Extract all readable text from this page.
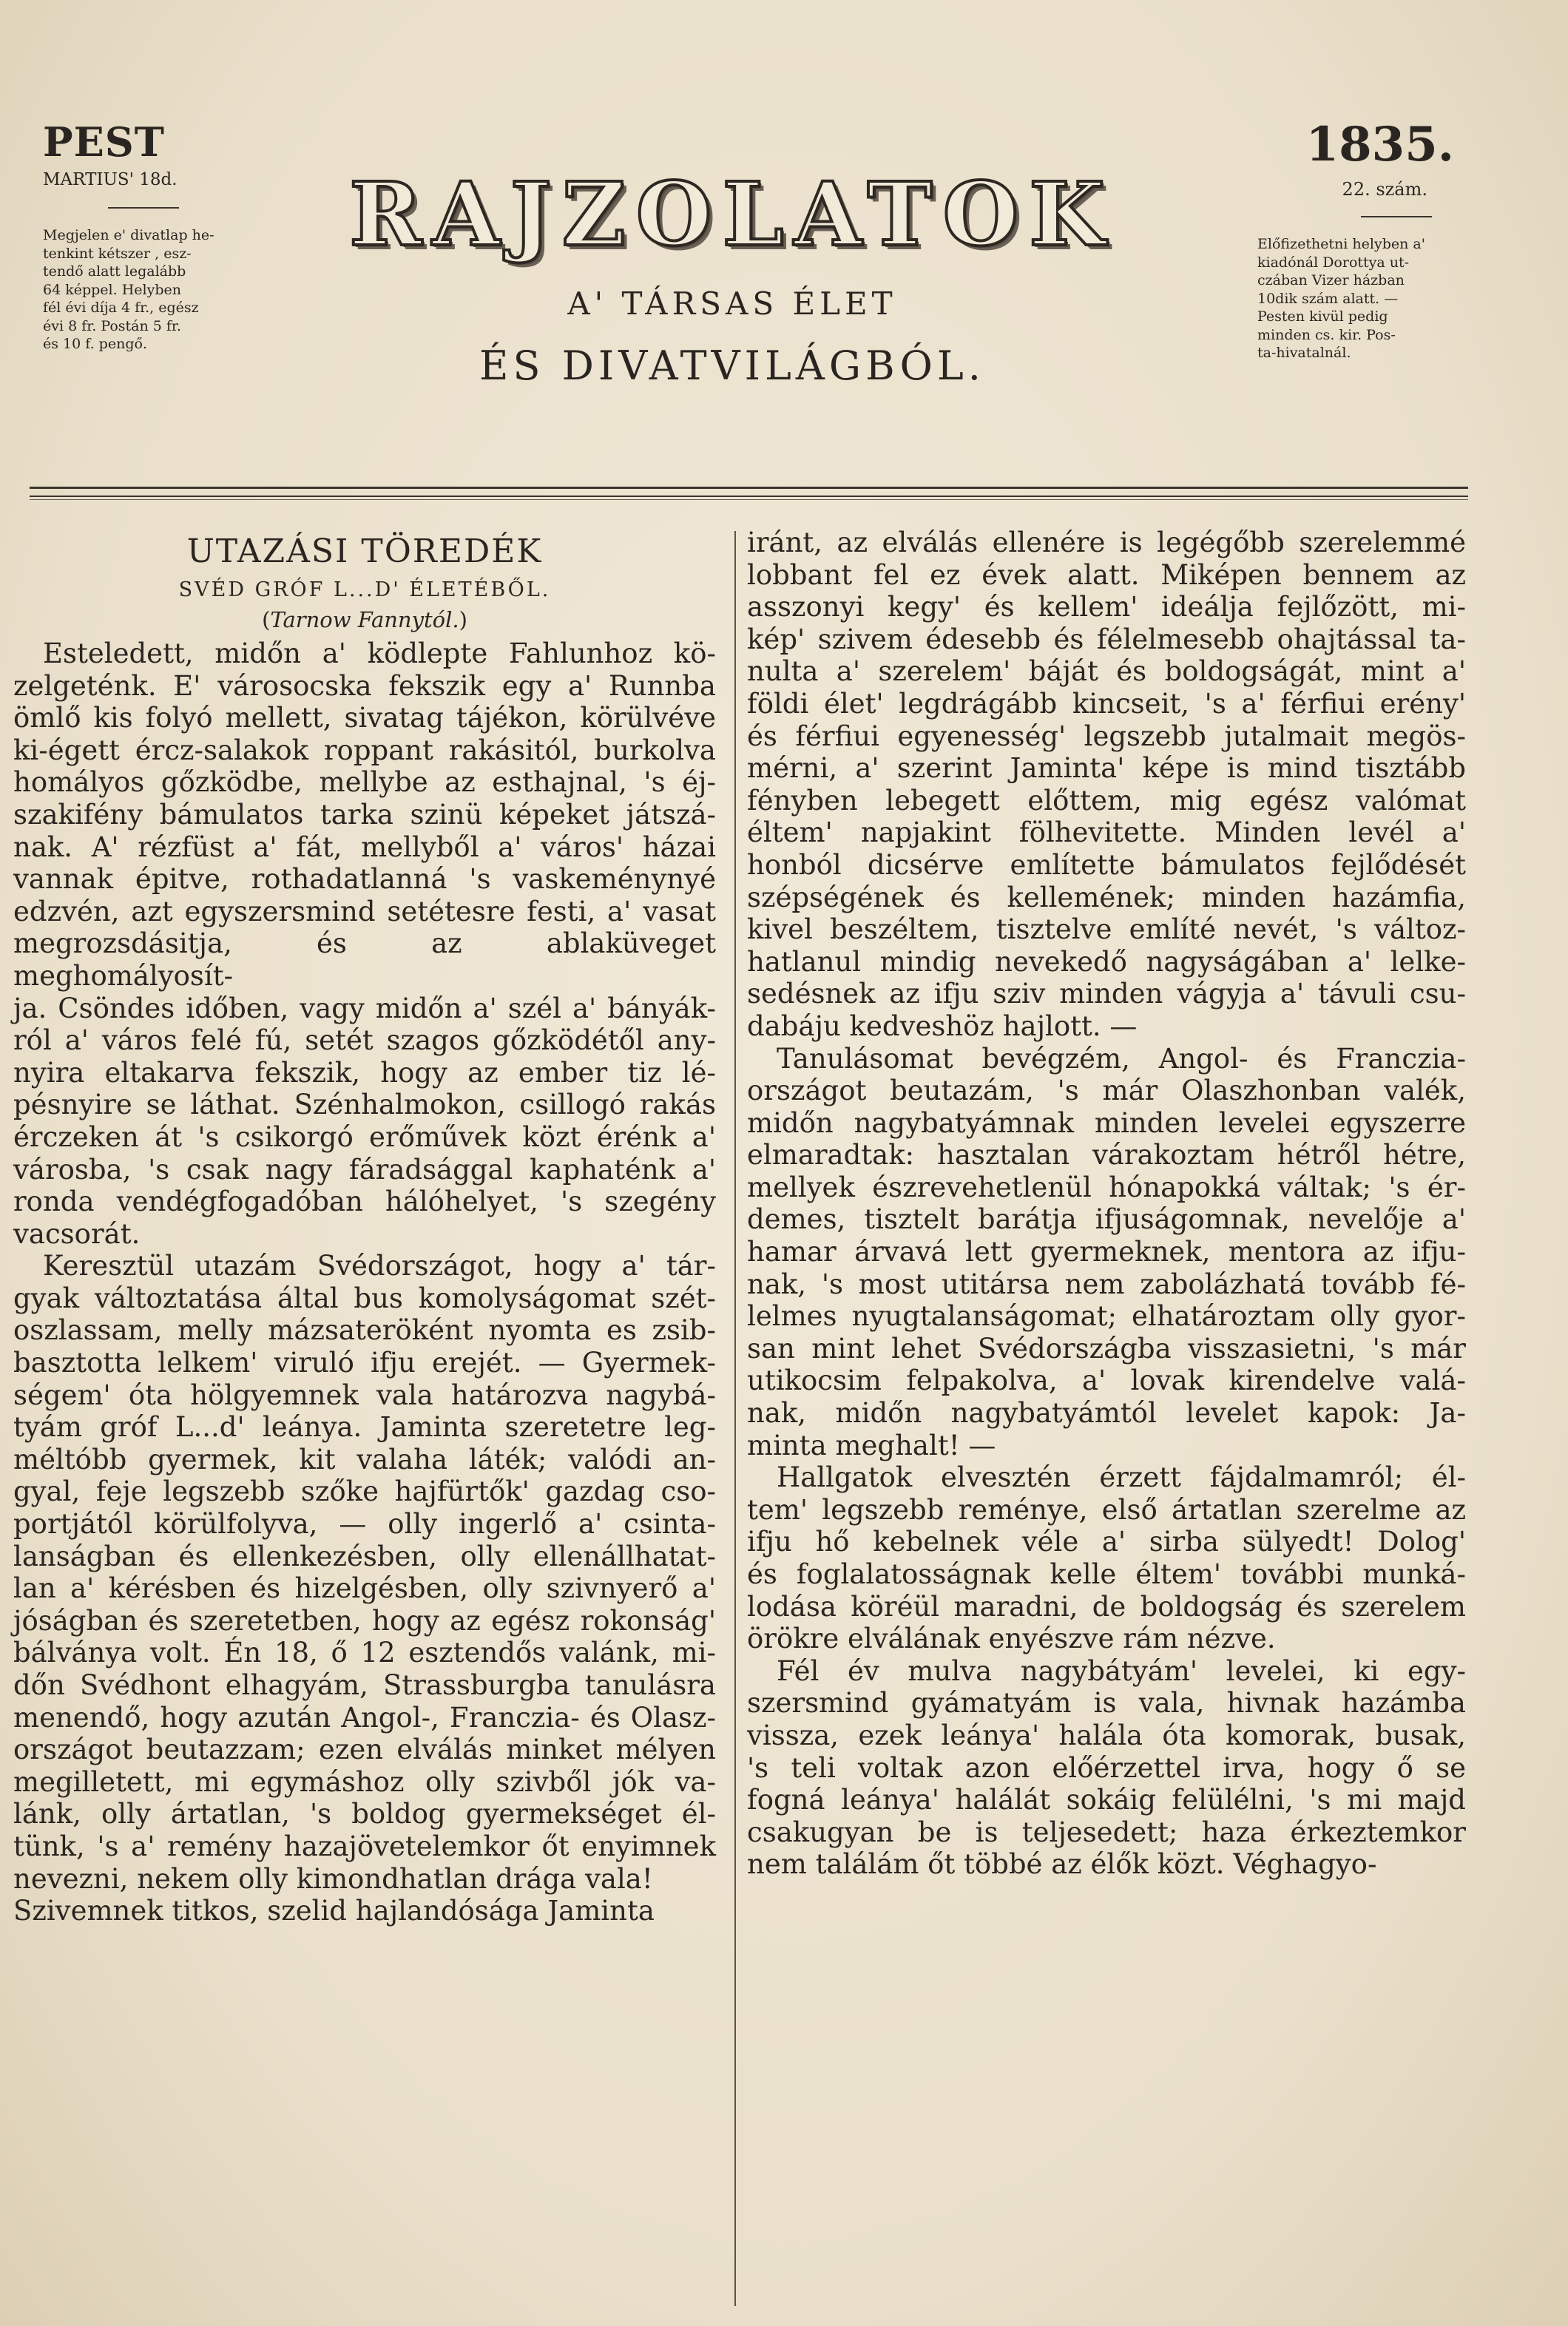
PEST
MARTIUS' 18d.

Megjelen e' divatlap he-

tenkint kétszer , esz-

tendő alatt legalább

64 képpel. Helyben

fél évi díja 4 fr., egész

évi 8 fr. Postán 5 fr.

és 10 f. pengő.

RAJZOLATOK
A' TÁRSAS ÉLET
ÉS DIVATVILÁGBÓL.
1835.
22. szám.

Előfizethetni helyben a'

kiadónál Dorottya ut-

czában Vizer házban

10dik szám alatt. —

Pesten kivül pedig

minden cs. kir. Pos-

ta-hivatalnál.

UTAZÁSI TÖREDÉK
SVÉD GRÓF L...D' ÉLETÉBŐL.
(Tarnow Fannytól.)

Esteledett, midőn a' ködlepte Fahlunhoz kö-

zelgeténk. E' városocska fekszik egy a' Runnba

ömlő kis folyó mellett, sivatag tájékon, körülvéve

ki-égett ércz-salakok roppant rakásitól, burkolva

homályos gőzködbe, mellybe az esthajnal, 's éj-

szakifény bámulatos tarka szinü képeket játszá-

nak. A' rézfüst a' fát, mellyből a' város' házai

vannak épitve, rothadatlanná 's vaskeménynyé

edzvén, azt egyszersmind setétesre festi, a' vasat

megrozsdásitja, és az ablaküveget meghomályosít-

ja. Csöndes időben, vagy midőn a' szél a' bányák-

ról a' város felé fú, setét szagos gőzködétől any-

nyira eltakarva fekszik, hogy az ember tiz lé-

pésnyire se láthat. Szénhalmokon, csillogó rakás

érczeken át 's csikorgó erőművek közt érénk a'

városba, 's csak nagy fáradsággal kaphaténk a'

ronda vendégfogadóban hálóhelyet, 's szegény

vacsorát.

Keresztül utazám Svédországot, hogy a' tár-

gyak változtatása által bus komolyságomat szét-

oszlassam, melly mázsateröként nyomta es zsib-

basztotta lelkem' viruló ifju erejét. — Gyermek-

ségem' óta hölgyemnek vala határozva nagybá-

tyám gróf L...d' leánya. Jaminta szeretetre leg-

méltóbb gyermek, kit valaha láték; valódi an-

gyal, feje legszebb szőke hajfürtők' gazdag cso-

portjától körülfolyva, — olly ingerlő a' csinta-

lanságban és ellenkezésben, olly ellenállhatat-

lan a' kérésben és hizelgésben, olly szivnyerő a'

jóságban és szeretetben, hogy az egész rokonság'

bálványa volt. Én 18, ő 12 esztendős valánk, mi-

dőn Svédhont elhagyám, Strassburgba tanulásra

menendő, hogy azután Angol-, Franczia- és Olasz-

országot beutazzam; ezen elválás minket mélyen

megilletett, mi egymáshoz olly szivből jók va-

lánk, olly ártatlan, 's boldog gyermekséget él-

tünk, 's a' remény hazajövetelemkor őt enyimnek

nevezni, nekem olly kimondhatlan drága vala!

Szivemnek titkos, szelid hajlandósága Jaminta

iránt, az elválás ellenére is legégőbb szerelemmé

lobbant fel ez évek alatt. Miképen bennem az

asszonyi kegy' és kellem' ideálja fejlőzött, mi-

kép' szivem édesebb és félelmesebb ohajtással ta-

nulta a' szerelem' báját és boldogságát, mint a'

földi élet' legdrágább kincseit, 's a' férfiui erény'

és férfiui egyenesség' legszebb jutalmait megös-

mérni, a' szerint Jaminta' képe is mind tisztább

fényben lebegett előttem, mig egész valómat

éltem' napjakint fölhevitette. Minden levél a'

honból dicsérve említette bámulatos fejlődését

szépségének és kellemének; minden hazámfia,

kivel beszéltem, tisztelve említé nevét, 's változ-

hatlanul mindig nevekedő nagyságában a' lelke-

sedésnek az ifju sziv minden vágyja a' távuli csu-

dabáju kedveshöz hajlott. —

Tanulásomat bevégzém, Angol- és Franczia-

országot beutazám, 's már Olaszhonban valék,

midőn nagybatyámnak minden levelei egyszerre

elmaradtak: hasztalan várakoztam hétről hétre,

mellyek észrevehetlenül hónapokká váltak; 's ér-

demes, tisztelt barátja ifjuságomnak, nevelője a'

hamar árvavá lett gyermeknek, mentora az ifju-

nak, 's most utitársa nem zabolázhatá tovább fé-

lelmes nyugtalanságomat; elhatároztam olly gyor-

san mint lehet Svédországba visszasietni, 's már

utikocsim felpakolva, a' lovak kirendelve valá-

nak, midőn nagybatyámtól levelet kapok: Ja-

minta meghalt! —

Hallgatok elvesztén érzett fájdalmamról; él-

tem' legszebb reménye, első ártatlan szerelme az

ifju hő kebelnek véle a' sirba sülyedt! Dolog'

és foglalatosságnak kelle éltem' további munká-

lodása köréül maradni, de boldogság és szerelem

örökre elválának enyészve rám nézve.

Fél év mulva nagybátyám' levelei, ki egy-

szersmind gyámatyám is vala, hivnak hazámba

vissza, ezek leánya' halála óta komorak, busak,

's teli voltak azon előérzettel irva, hogy ő se

fogná leánya' halálát sokáig felülélni, 's mi majd

csakugyan be is teljesedett; haza érkeztemkor

nem találám őt többé az élők közt. Véghagyo-
